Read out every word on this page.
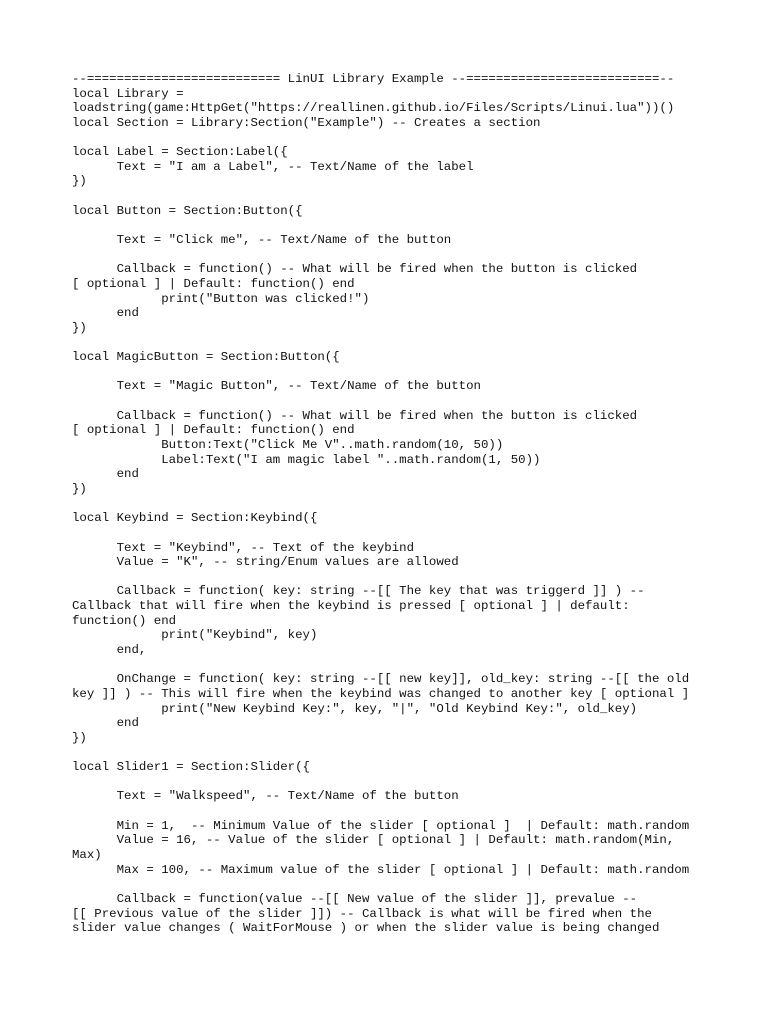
--========================== LinUI Library Example --==========================--
local Library =
loadstring(game:HttpGet("https://reallinen.github.io/Files/Scripts/Linui.lua"))()
local Section = Library:Section("Example") -- Creates a section
local Label = Section:Label({
Text = "I am a Label", -- Text/Name of the label
})
local Button = Section:Button({
Text = "Click me", -- Text/Name of the button
Callback = function() -- What will be fired when the button is clicked
[ optional ] | Default: function() end
print("Button was clicked!")
end
})
local MagicButton = Section:Button({
Text = "Magic Button", -- Text/Name of the button
Callback = function() -- What will be fired when the button is clicked
[ optional ] | Default: function() end
Button:Text("Click Me V"..math.random(10, 50))
Label:Text("I am magic label "..math.random(1, 50))
end
})
local Keybind = Section:Keybind({
Text = "Keybind", -- Text of the keybind
Value = "K", -- string/Enum values are allowed
Callback = function( key: string --[[ The key that was triggerd ]] ) --
Callback that will fire when the keybind is pressed [ optional ] | default:
function() end
print("Keybind", key)
end,
OnChange = function( key: string --[[ new key]], old_key: string --[[ the old
key ]] ) -- This will fire when the keybind was changed to another key [ optional ]
print("New Keybind Key:", key, "|", "Old Keybind Key:", old_key)
end
})
local Slider1 = Section:Slider({
Text = "Walkspeed", -- Text/Name of the button
Min = 1,  -- Minimum Value of the slider [ optional ]  | Default: math.random
Value = 16, -- Value of the slider [ optional ] | Default: math.random(Min,
Max)
Max = 100, -- Maximum value of the slider [ optional ] | Default: math.random
Callback = function(value --[[ New value of the slider ]], prevalue --
[[ Previous value of the slider ]]) -- Callback is what will be fired when the
slider value changes ( WaitForMouse ) or when the slider value is being changed
